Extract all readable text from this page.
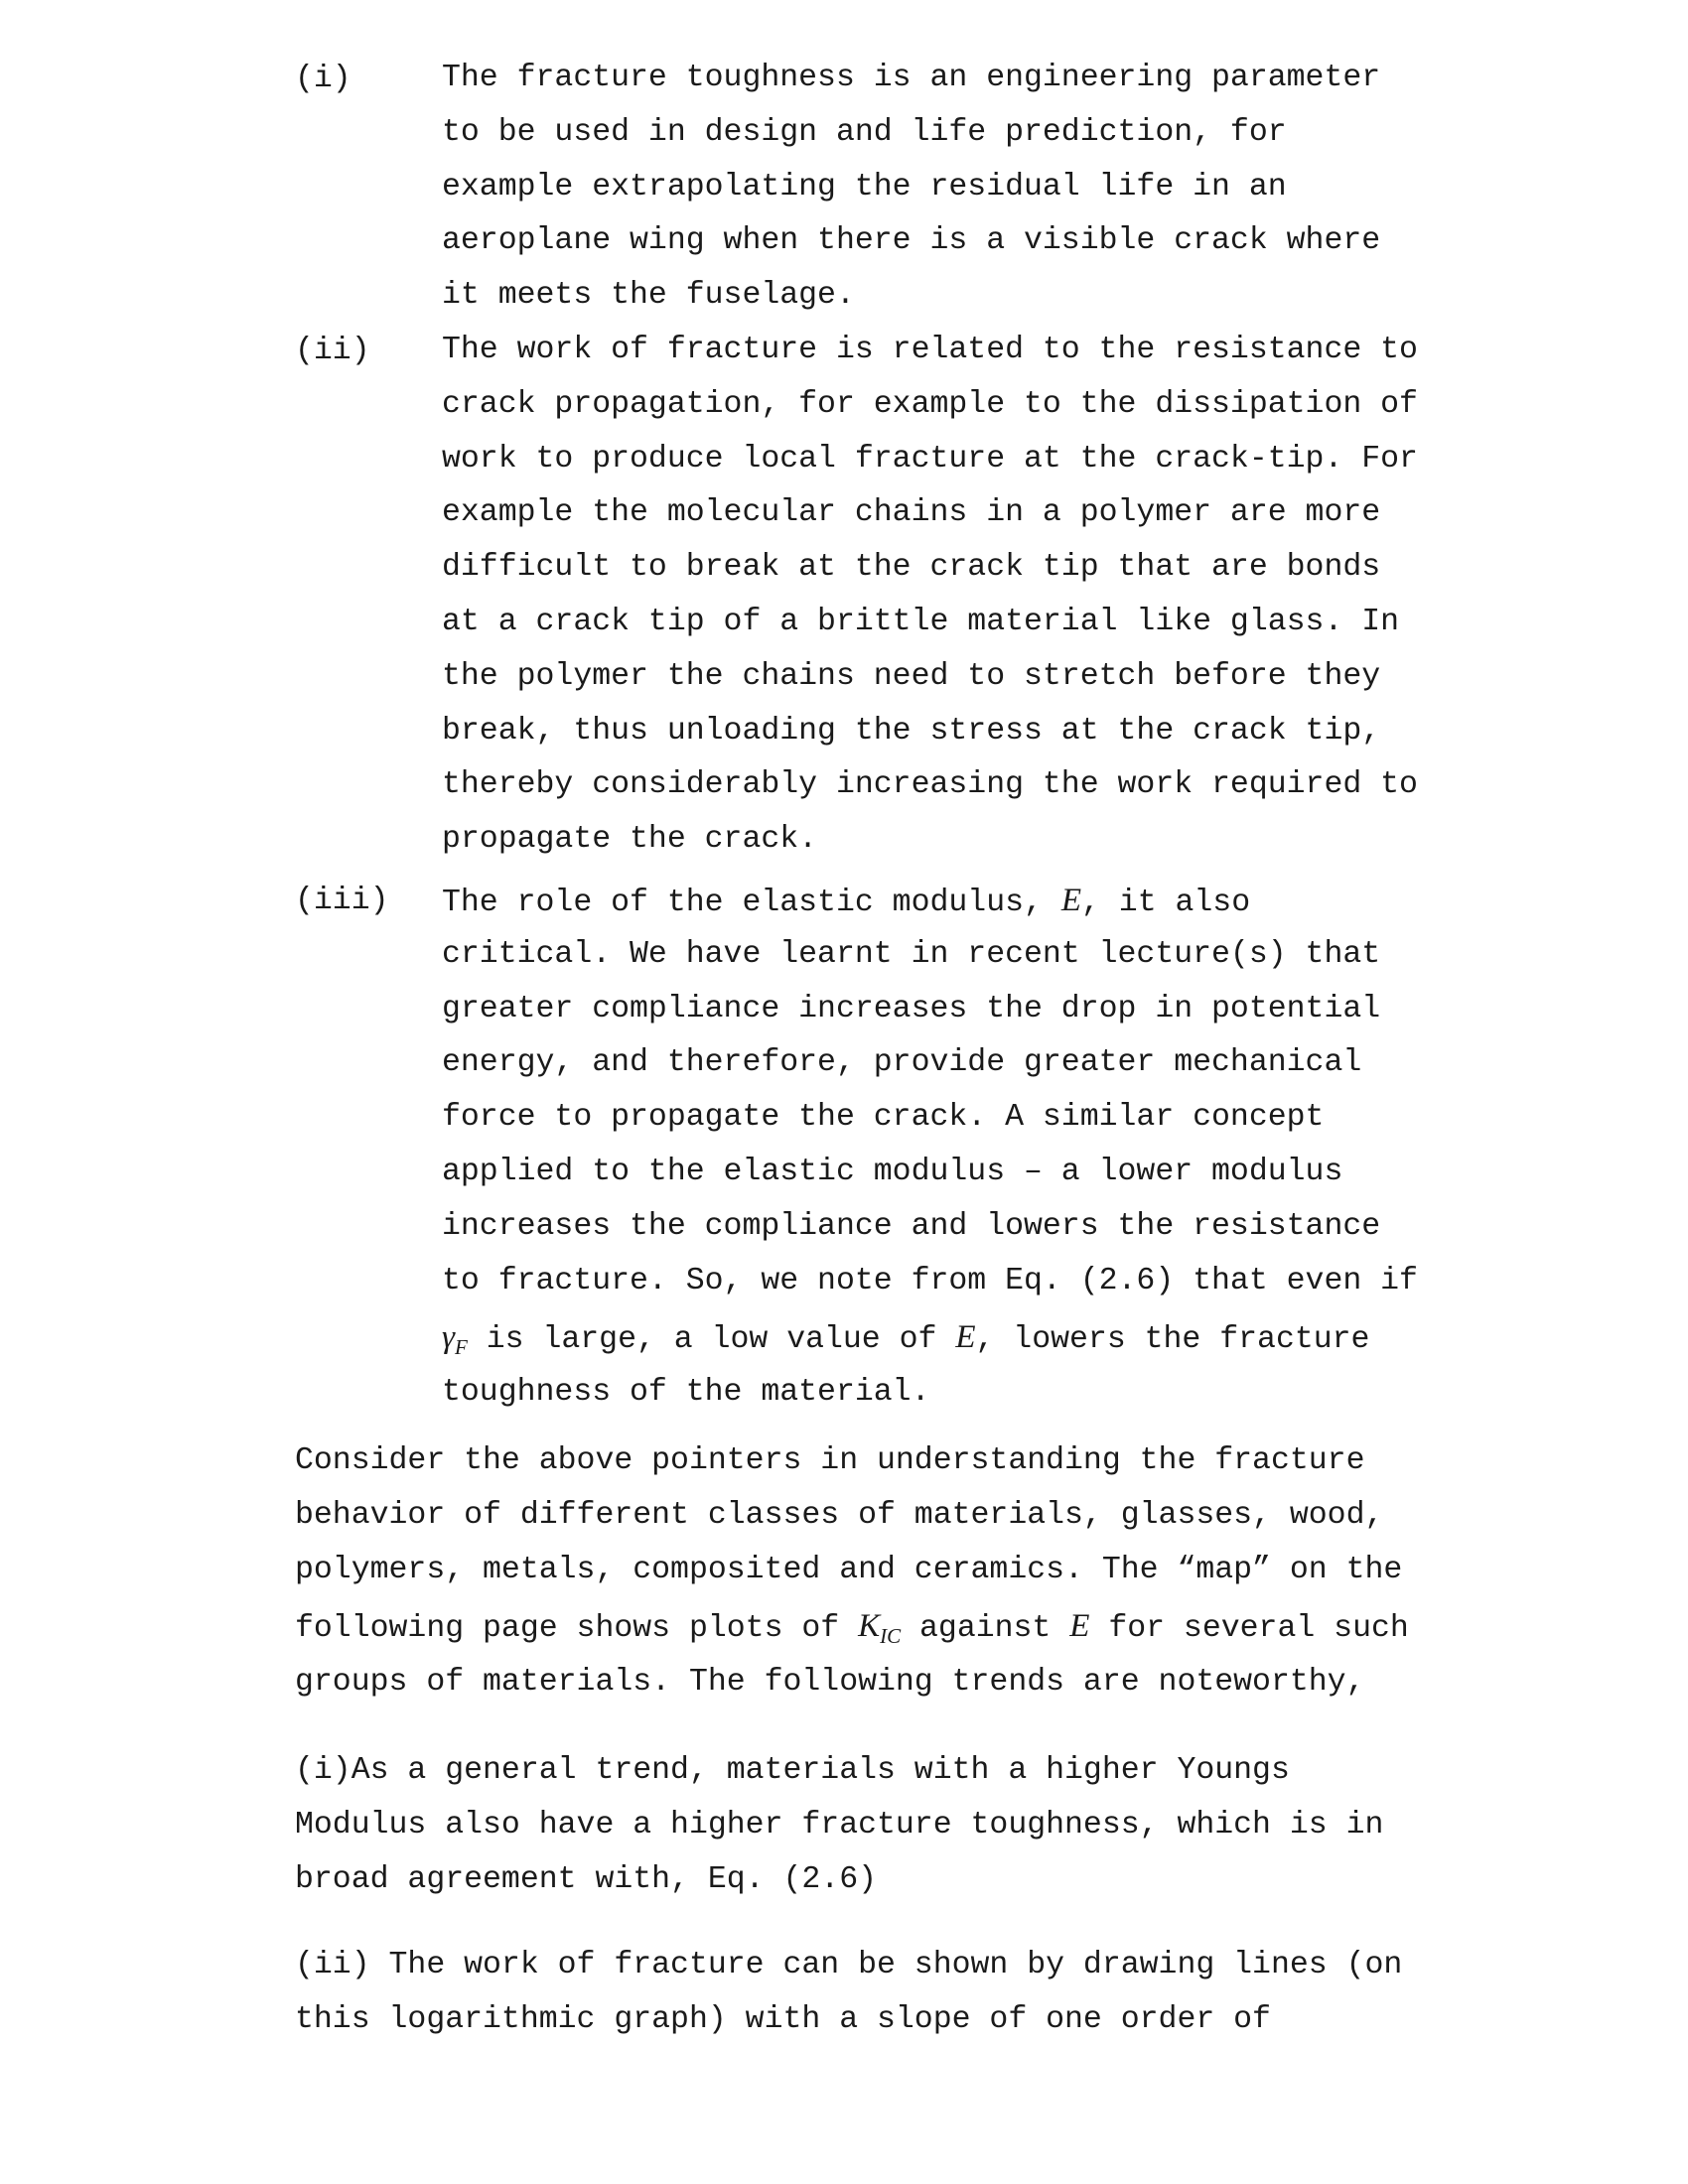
(i)	The fracture toughness is an engineering parameter
to be used in design and life prediction, for
example extrapolating the residual life in an
aeroplane wing when there is a visible crack where
it meets the fuselage.
(ii)	The work of fracture is related to the resistance to
crack propagation, for example to the dissipation of
work to produce local fracture at the crack-tip. For
example the molecular chains in a polymer are more
difficult to break at the crack tip that are bonds
at a crack tip of a brittle material like glass. In
the polymer the chains need to stretch before they
break, thus unloading the stress at the crack tip,
thereby considerably increasing the work required to
propagate the crack.
(iii)	The role of the elastic modulus, E, it also
critical. We have learnt in recent lecture(s) that
greater compliance increases the drop in potential
energy, and therefore, provide greater mechanical
force to propagate the crack. A similar concept
applied to the elastic modulus – a lower modulus
increases the compliance and lowers the resistance
to fracture. So, we note from Eq. (2.6) that even if
$\gamma_F$ is large, a low value of E, lowers the fracture
toughness of the material.
Consider the above pointers in understanding the fracture
behavior of different classes of materials, glasses, wood,
polymers, metals, composited and ceramics. The “map” on the
following page shows plots of $K_{IC}$ against E for several such
groups of materials. The following trends are noteworthy,
(i)As a general trend, materials with a higher Youngs
Modulus also have a higher fracture toughness, which is in
broad agreement with, Eq. (2.6)
(ii) The work of fracture can be shown by drawing lines (on
this logarithmic graph) with a slope of one order of
